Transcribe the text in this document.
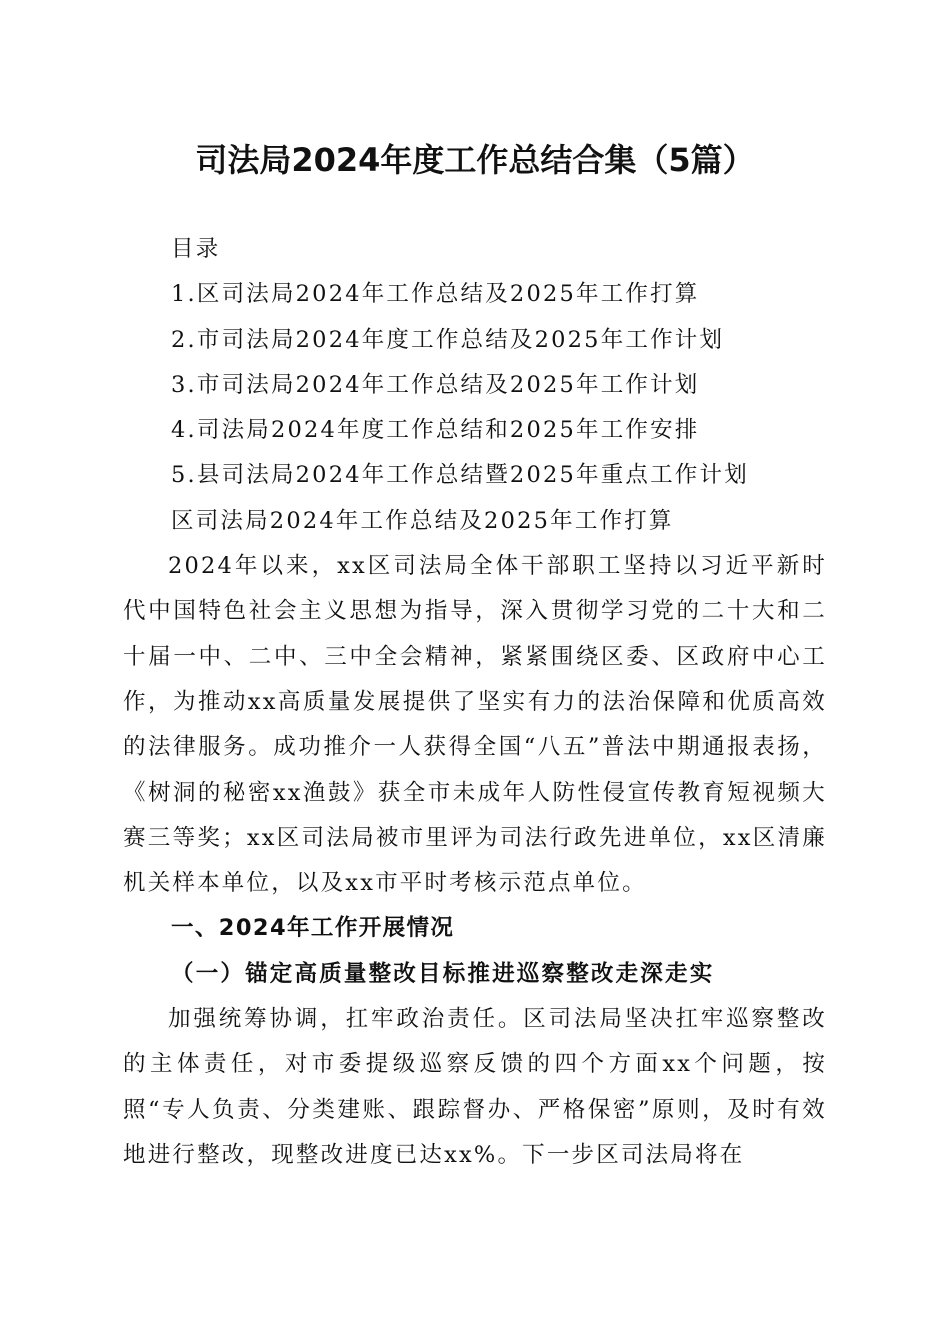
司法局2024年度工作总结合集（5篇）
目录
1.区司法局2024年工作总结及2025年工作打算
2.市司法局2024年度工作总结及2025年工作计划
3.市司法局2024年工作总结及2025年工作计划
4.司法局2024年度工作总结和2025年工作安排
5.县司法局2024年工作总结暨2025年重点工作计划
区司法局2024年工作总结及2025年工作打算

2024年以来，xx区司法局全体干部职工坚持以习近平新时代中国特色社会主义思想为指导，深入贯彻学习党的二十大和二十届一中、二中、三中全会精神，紧紧围绕区委、区政府中心工作，为推动xx高质量发展提供了坚实有力的法治保障和优质高效的法律服务。成功推介一人获得全国“八五”普法中期通报表扬，《树洞的秘密xx渔鼓》获全市未成年人防性侵宣传教育短视频大赛三等奖；xx区司法局被市里评为司法行政先进单位，xx区清廉机关样本单位，以及xx市平时考核示范点单位。

一、2024年工作开展情况
（一）锚定高质量整改目标推进巡察整改走深走实

加强统筹协调，扛牢政治责任。区司法局坚决扛牢巡察整改的主体责任，对市委提级巡察反馈的四个方面xx个问题，按照“专人负责、分类建账、跟踪督办、严格保密”原则，及时有效地进行整改，现整改进度已达xx%。下一步区司法局将在
